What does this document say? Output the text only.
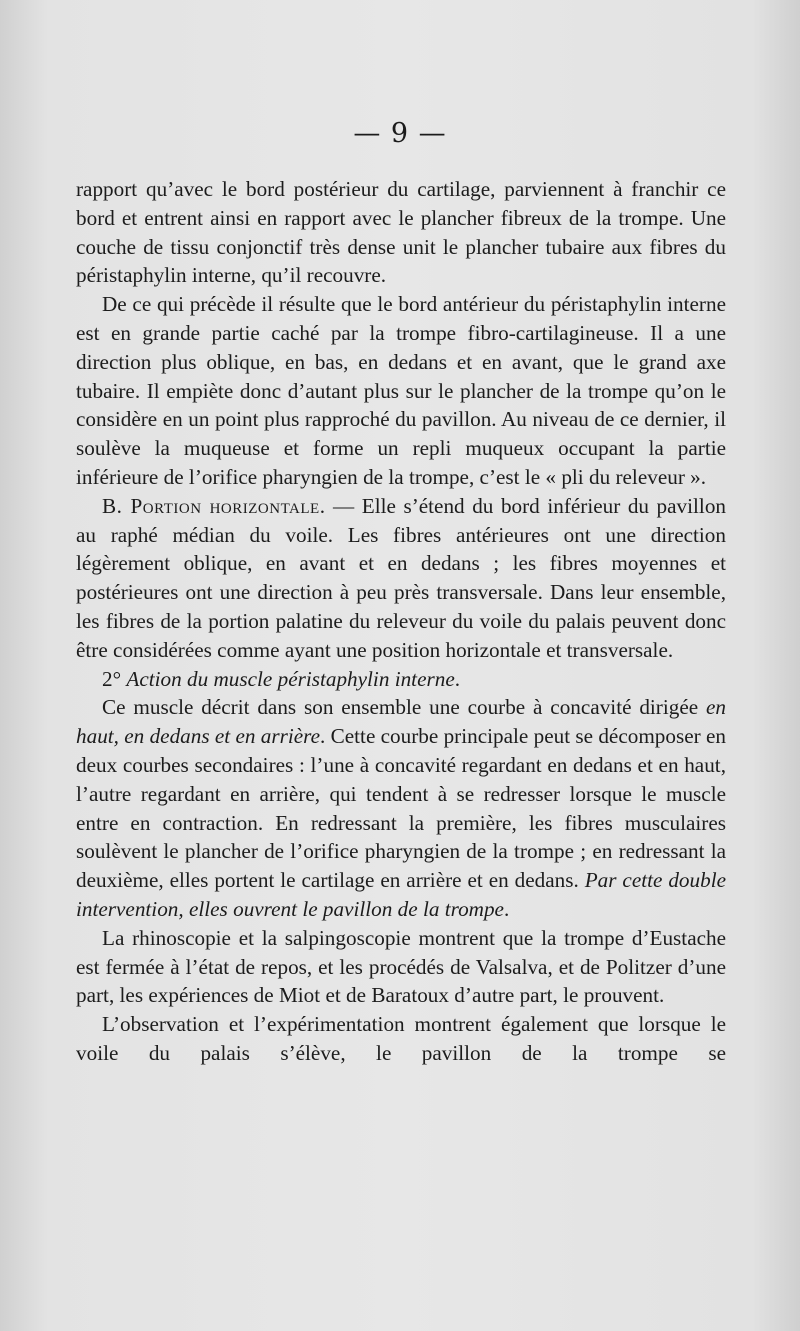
— 9 —

rapport qu’avec le bord postérieur du cartilage, parviennent à franchir ce bord et entrent ainsi en rapport avec le plancher fibreux de la trompe. Une couche de tissu conjonctif très dense unit le plancher tubaire aux fibres du péristaphylin interne, qu’il recouvre.

De ce qui précède il résulte que le bord antérieur du péristaphylin interne est en grande partie caché par la trompe fibro-cartilagineuse. Il a une direction plus oblique, en bas, en dedans et en avant, que le grand axe tubaire. Il empiète donc d’autant plus sur le plancher de la trompe qu’on le considère en un point plus rapproché du pavillon. Au niveau de ce dernier, il soulève la muqueuse et forme un repli muqueux occupant la partie inférieure de l’orifice pharyngien de la trompe, c’est le « pli du releveur ».

B. Portion horizontale. — Elle s’étend du bord inférieur du pavillon au raphé médian du voile. Les fibres antérieures ont une direction légèrement oblique, en avant et en dedans ; les fibres moyennes et postérieures ont une direction à peu près transversale. Dans leur ensemble, les fibres de la portion palatine du releveur du voile du palais peuvent donc être considérées comme ayant une position horizontale et transversale.

2° Action du muscle péristaphylin interne.

Ce muscle décrit dans son ensemble une courbe à concavité dirigée en haut, en dedans et en arrière. Cette courbe principale peut se décomposer en deux courbes secondaires : l’une à concavité regardant en dedans et en haut, l’autre regardant en arrière, qui tendent à se redresser lorsque le muscle entre en contraction. En redressant la première, les fibres musculaires soulèvent le plancher de l’orifice pharyngien de la trompe ; en redressant la deuxième, elles portent le cartilage en arrière et en dedans. Par cette double intervention, elles ouvrent le pavillon de la trompe.

La rhinoscopie et la salpingoscopie montrent que la trompe d’Eustache est fermée à l’état de repos, et les procédés de Valsalva, et de Politzer d’une part, les expériences de Miot et de Baratoux d’autre part, le prouvent.

L’observation et l’expérimentation montrent également que lorsque le voile du palais s’élève, le pavillon de la trompe se
